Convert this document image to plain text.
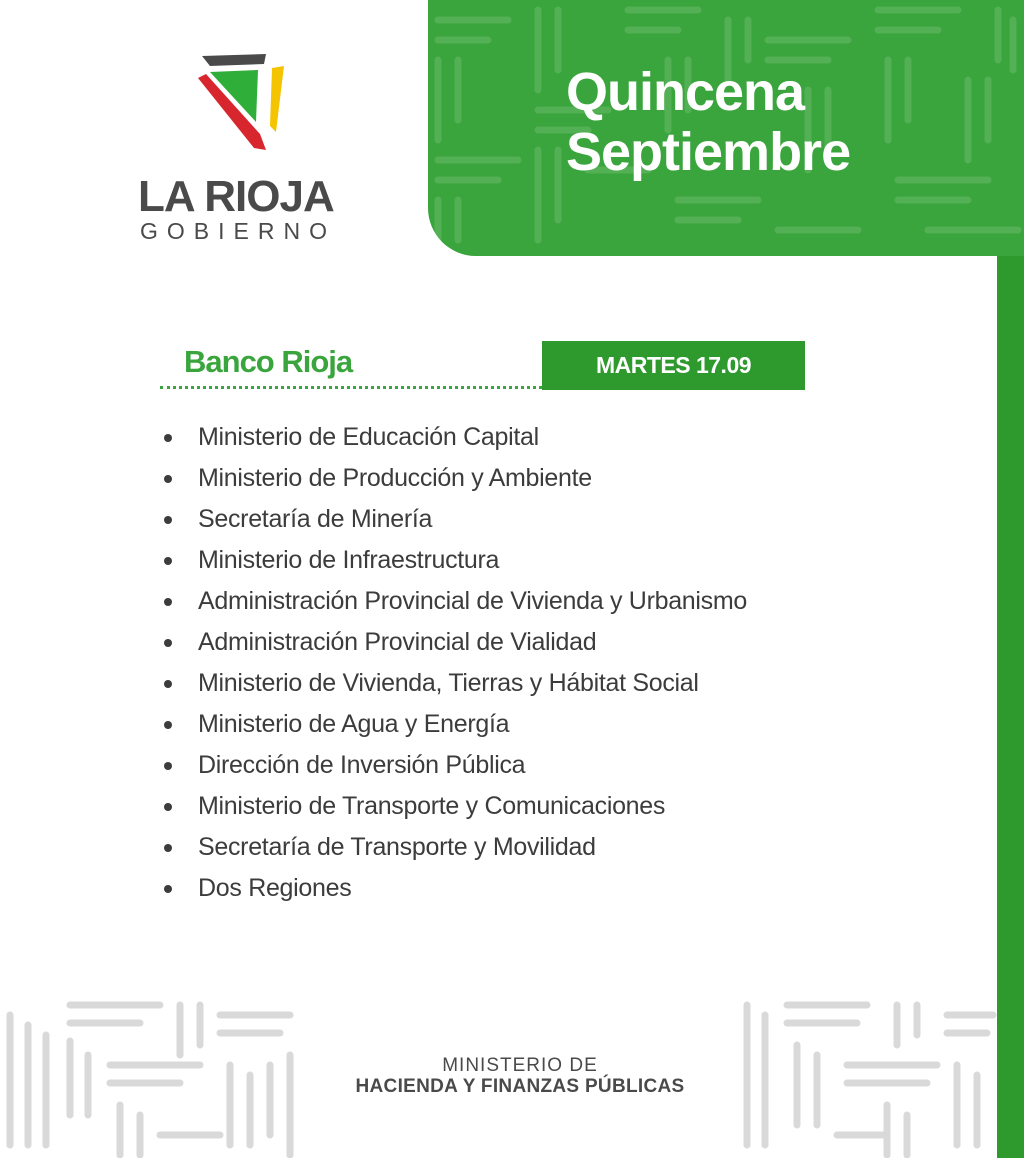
Quincena
Septiembre
LA RIOJA
GOBIERNO
Banco Rioja	MARTES 17.09
Ministerio de Educación Capital
Ministerio de Producción y Ambiente
Secretaría de Minería
Ministerio de Infraestructura
Administración Provincial de Vivienda y Urbanismo
Administración Provincial de Vialidad
Ministerio de Vivienda, Tierras y Hábitat Social
Ministerio de Agua y Energía
Dirección de Inversión Pública
Ministerio de Transporte y Comunicaciones
Secretaría de Transporte y Movilidad
Dos Regiones
MINISTERIO DE
HACIENDA Y FINANZAS PÚBLICAS
